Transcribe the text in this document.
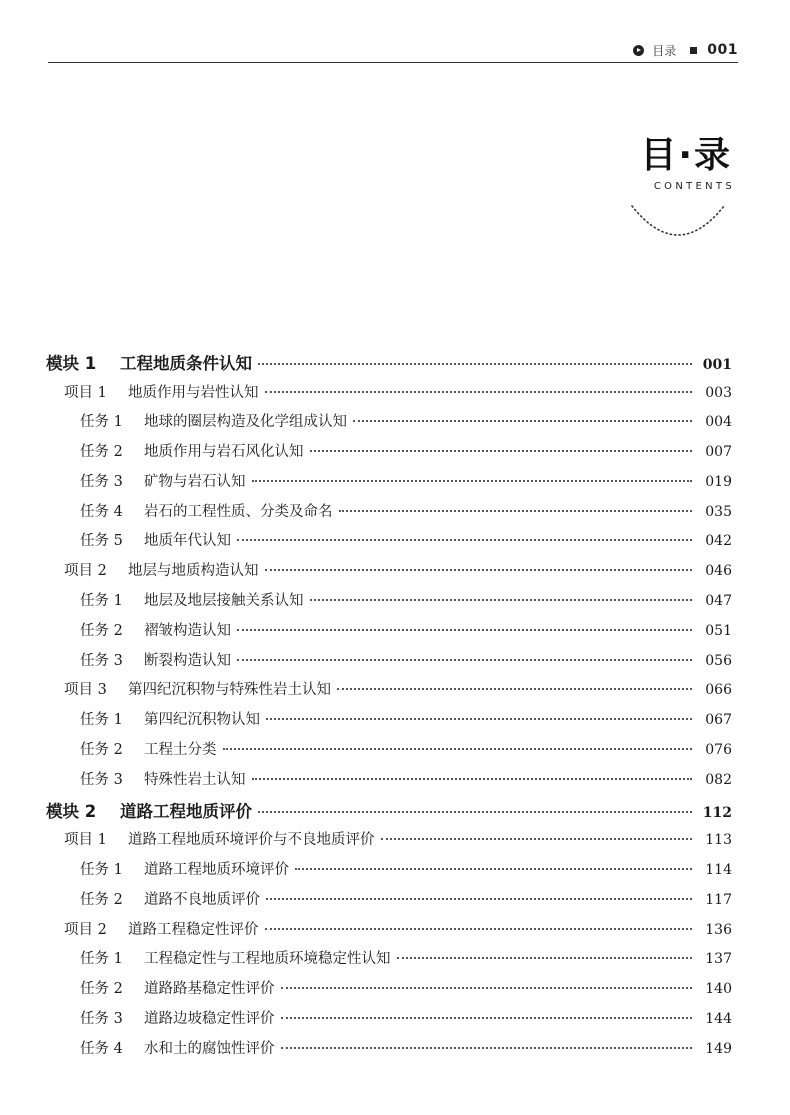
目录 001
目·录
CONTENTS
模块 1	工程地质条件认知	001
项目 1	地质作用与岩性认知	003
任务 1	地球的圈层构造及化学组成认知	004
任务 2	地质作用与岩石风化认知	007
任务 3	矿物与岩石认知	019
任务 4	岩石的工程性质、分类及命名	035
任务 5	地质年代认知	042
项目 2	地层与地质构造认知	046
任务 1	地层及地层接触关系认知	047
任务 2	褶皱构造认知	051
任务 3	断裂构造认知	056
项目 3	第四纪沉积物与特殊性岩土认知	066
任务 1	第四纪沉积物认知	067
任务 2	工程土分类	076
任务 3	特殊性岩土认知	082
模块 2	道路工程地质评价	112
项目 1	道路工程地质环境评价与不良地质评价	113
任务 1	道路工程地质环境评价	114
任务 2	道路不良地质评价	117
项目 2	道路工程稳定性评价	136
任务 1	工程稳定性与工程地质环境稳定性认知	137
任务 2	道路路基稳定性评价	140
任务 3	道路边坡稳定性评价	144
任务 4	水和土的腐蚀性评价	149
